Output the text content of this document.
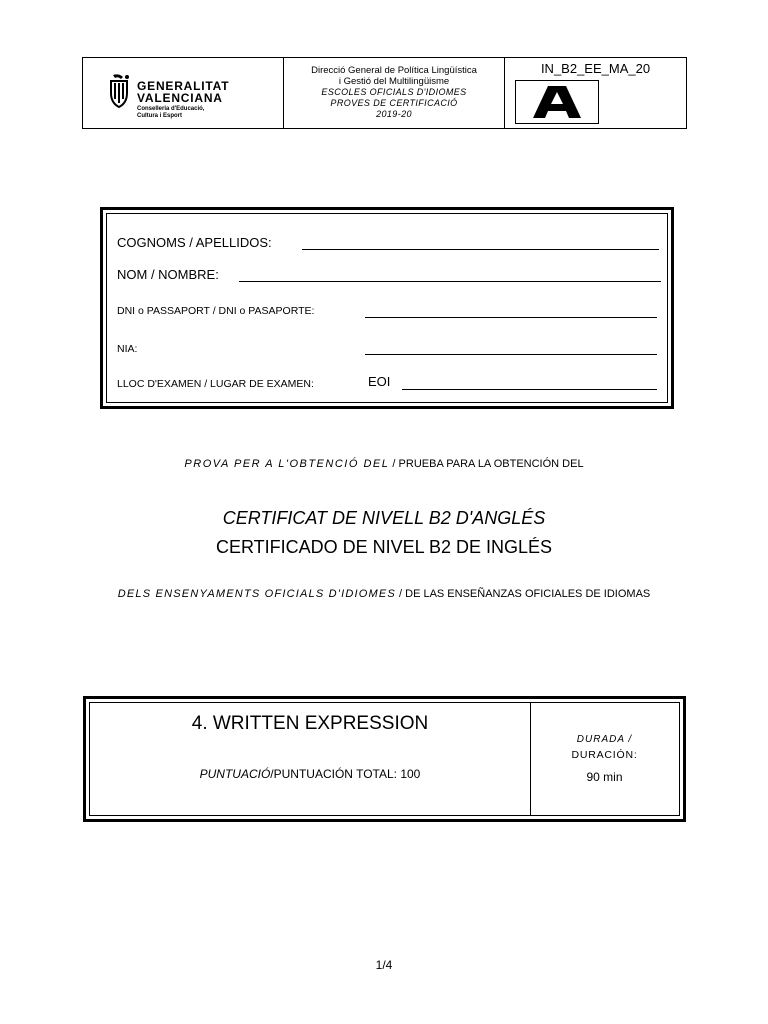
GENERALITAT
VALENCIANA
Conselleria d'Educació,
Cultura i Esport
Direcció General de Política Lingüística
i Gestió del Multilingüisme
ESCOLES OFICIALS D'IDIOMES
PROVES DE CERTIFICACIÓ
2019-20
IN_B2_EE_MA_20
COGNOMS / APELLIDOS:
NOM / NOMBRE:
DNI o PASSAPORT / DNI o PASAPORTE:
NIA:
LLOC D'EXAMEN / LUGAR DE EXAMEN:	EOI
PROVA PER A L'OBTENCIÓ DEL / PRUEBA PARA LA OBTENCIÓN DEL
CERTIFICAT DE NIVELL B2 D'ANGLÉS
CERTIFICADO DE NIVEL B2 DE INGLÉS
DELS ENSENYAMENTS OFICIALS D'IDIOMES / DE LAS ENSEÑANZAS OFICIALES DE IDIOMAS
4. WRITTEN EXPRESSION
PUNTUACIÓ/PUNTUACIÓN TOTAL: 100
DURADA /
DURACIÓN:
90 min
1/4
